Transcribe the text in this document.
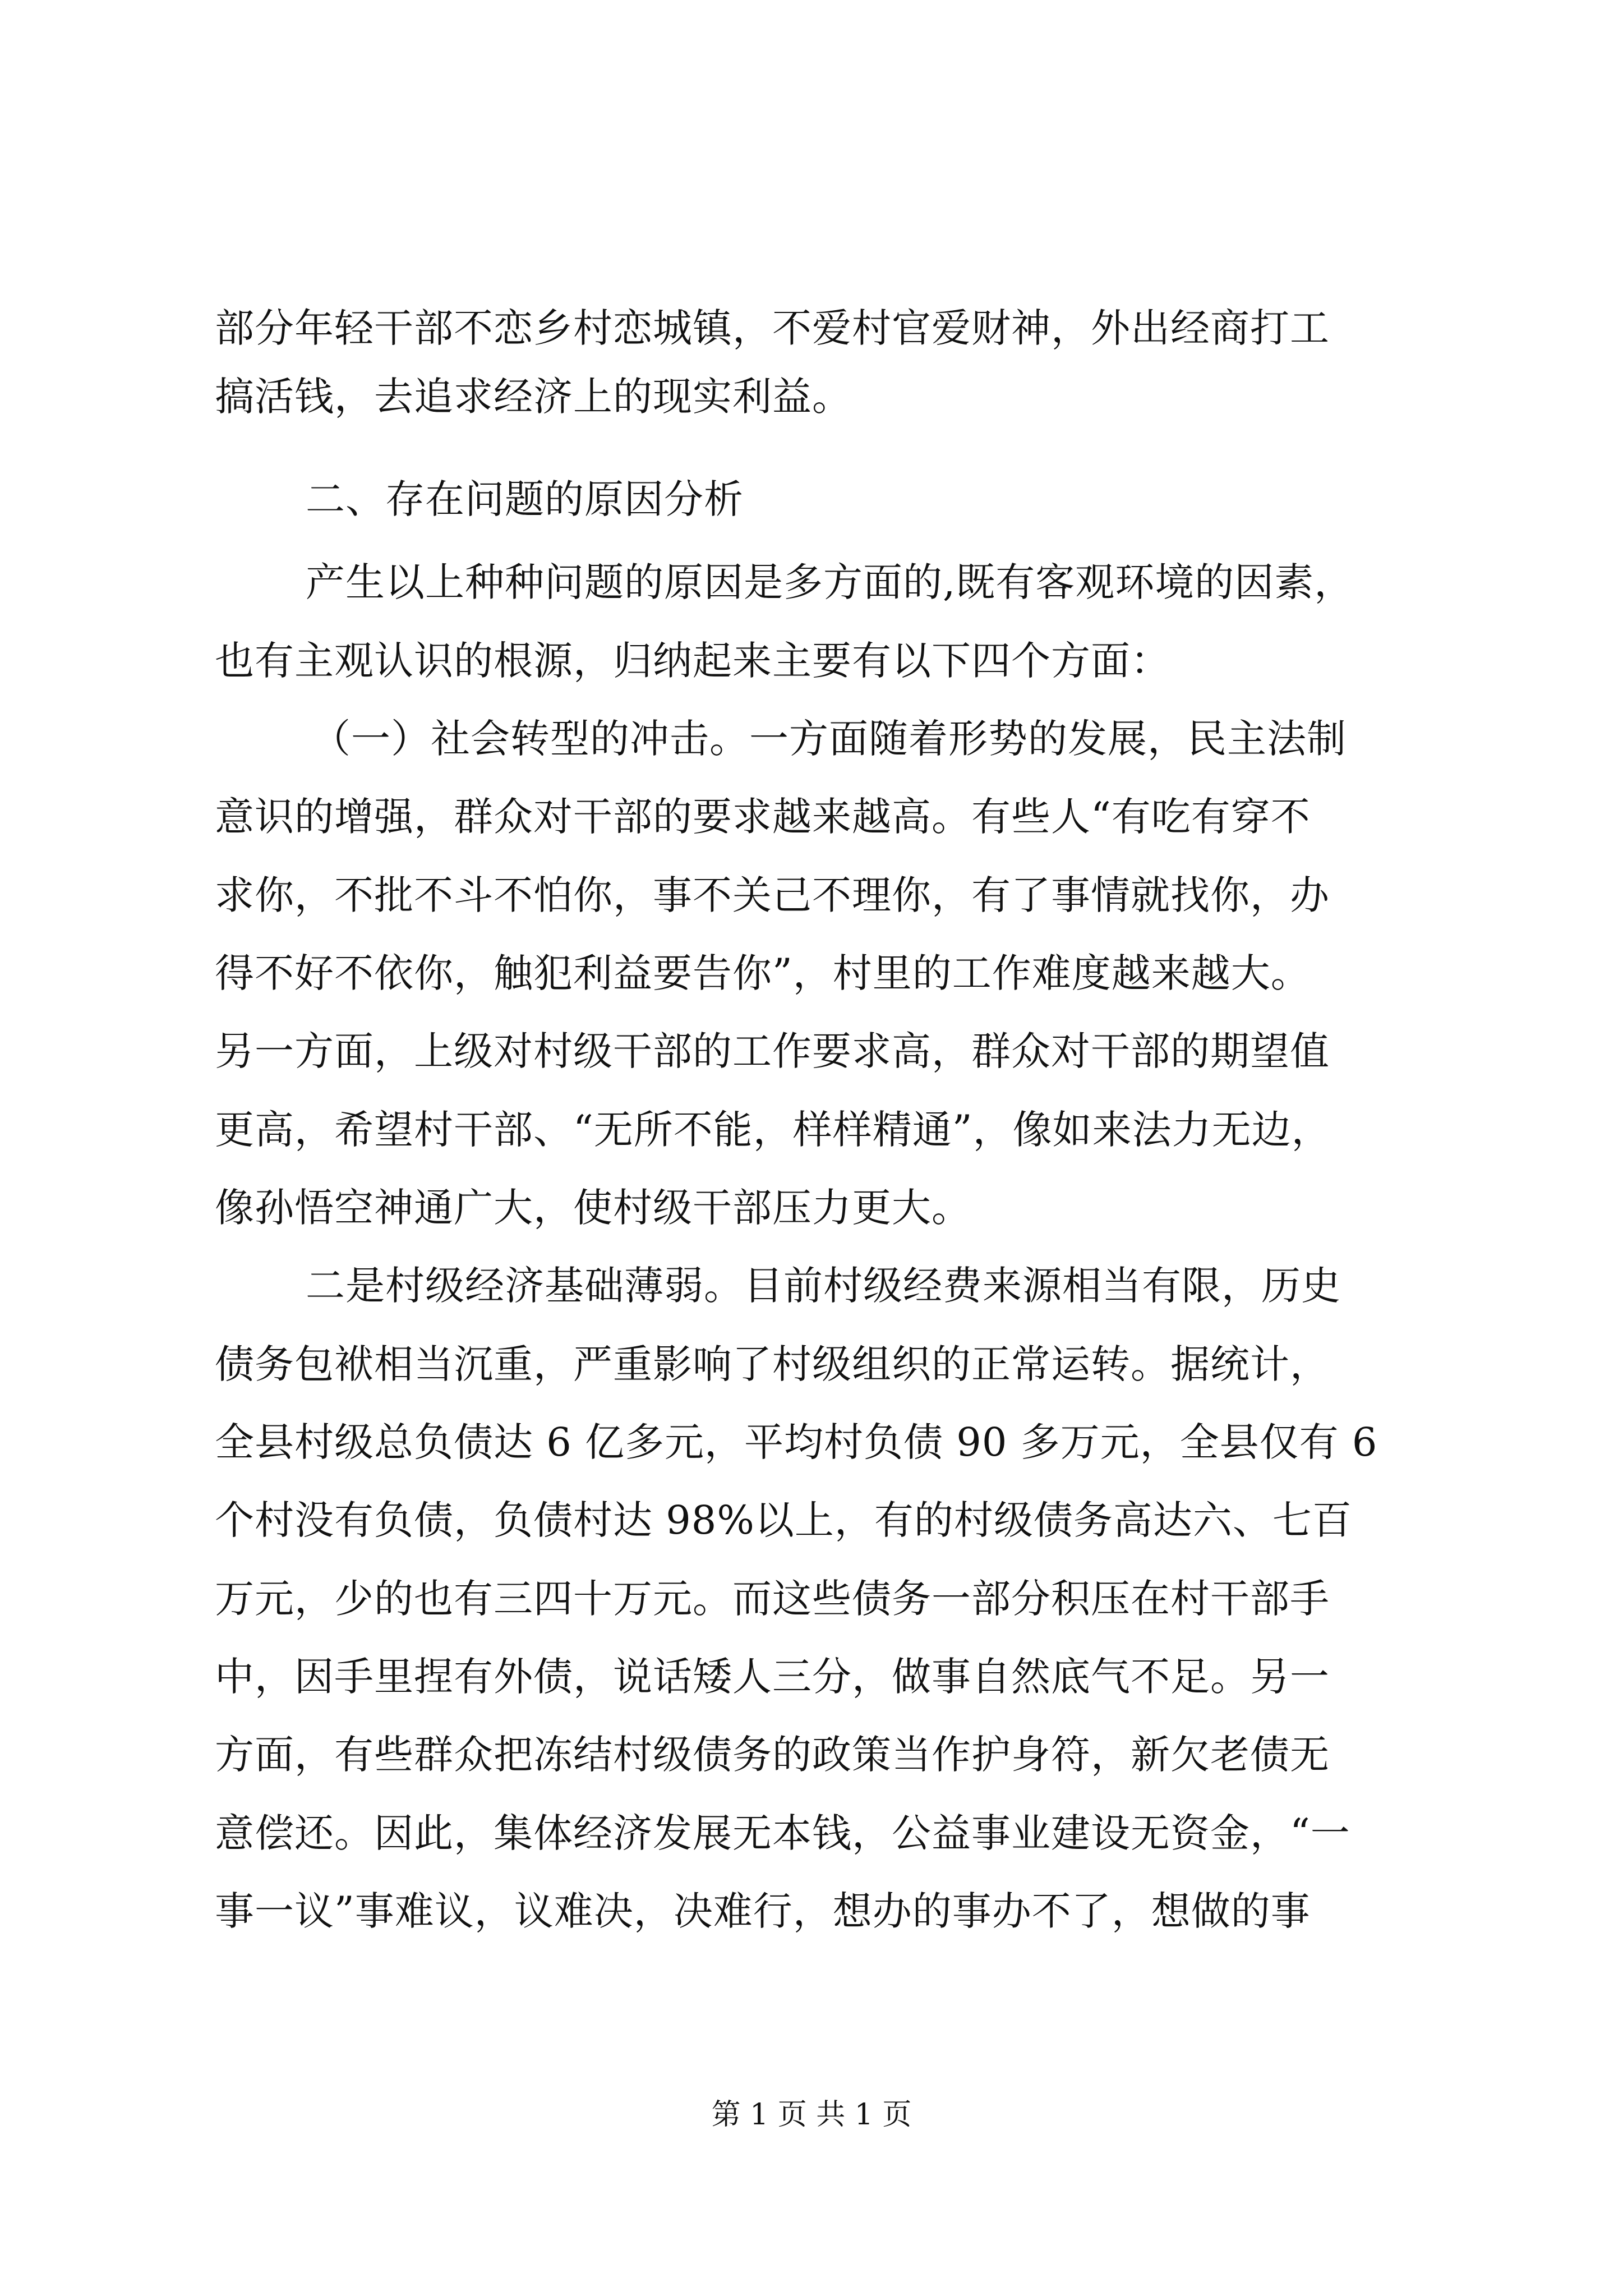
部分年轻干部不恋乡村恋城镇，不爱村官爱财神，外出经商打工

搞活钱，去追求经济上的现实利益。

二、存在问题的原因分析

产生以上种种问题的原因是多方面的,既有客观环境的因素，

也有主观认识的根源，归纳起来主要有以下四个方面：

（一）社会转型的冲击。一方面随着形势的发展，民主法制

意识的增强，群众对干部的要求越来越高。有些人“有吃有穿不

求你，不批不斗不怕你，事不关己不理你，有了事情就找你，办

得不好不依你，触犯利益要告你”，村里的工作难度越来越大。

另一方面，上级对村级干部的工作要求高，群众对干部的期望值

更高，希望村干部、“无所不能，样样精通”，像如来法力无边，

像孙悟空神通广大，使村级干部压力更大。

二是村级经济基础薄弱。目前村级经费来源相当有限，历史

债务包袱相当沉重，严重影响了村级组织的正常运转。据统计，

全县村级总负债达 6 亿多元，平均村负债 90 多万元，全县仅有 6

个村没有负债，负债村达 98%以上，有的村级债务高达六、七百

万元，少的也有三四十万元。而这些债务一部分积压在村干部手

中，因手里捏有外债，说话矮人三分，做事自然底气不足。另一

方面，有些群众把冻结村级债务的政策当作护身符，新欠老债无

意偿还。因此，集体经济发展无本钱，公益事业建设无资金，“一

事一议”事难议，议难决，决难行，想办的事办不了，想做的事

第 1 页 共 1 页
